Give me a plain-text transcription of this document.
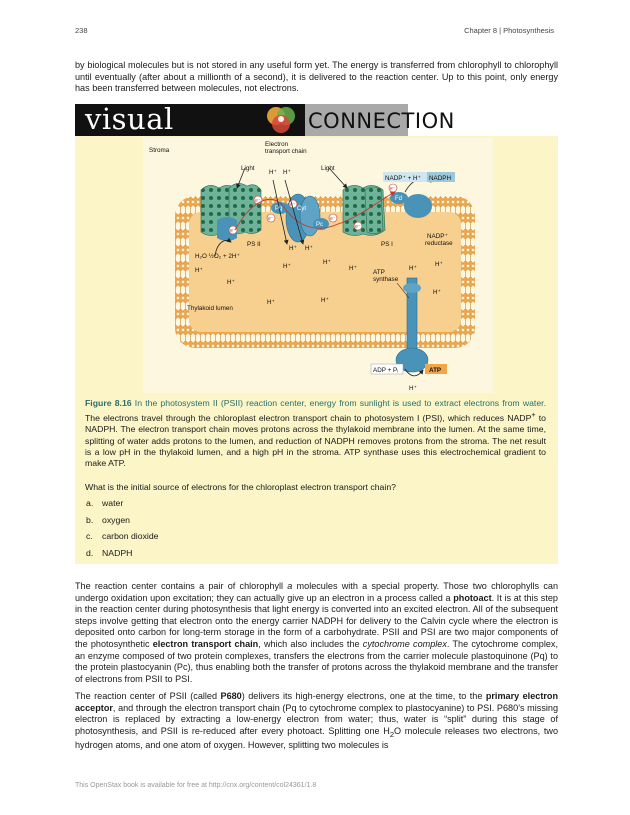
238	Chapter 8 | Photosynthesis

by biological molecules but is not stored in any useful form yet. The energy is transferred from chlorophyll to chlorophyll until eventually (after about a millionth of a second), it is delivered to the reaction center. Up to this point, only energy has been transferred between molecules, not electrons.

visual	CONNECTION
Fd
Pq Cyt
Pc
Stroma
Electron
transport chain
Light	Light
H⁺ H⁺
NADP⁺ + H⁺ NADPH
PS II	PS I
H⁺ H⁺
NADP⁺
reductase
H₂O ½O₂ + 2H⁺
H⁺
H⁺
H⁺
H⁺	H⁺
H⁺
H⁺
H⁺
H⁺	H⁺
ATP
synthase
Thylakoid lumen
ADP + Pᵢ	ATP
H⁺
e⁻
e⁻
e⁻	e⁻
e⁻
e⁻
e⁻

Figure 8.16 In the photosystem II (PSII) reaction center, energy from sunlight is used to extract electrons from water. The electrons travel through the chloroplast electron transport chain to photosystem I (PSI), which reduces NADP+ to NADPH. The electron transport chain moves protons across the thylakoid membrane into the lumen. At the same time, splitting of water adds protons to the lumen, and reduction of NADPH removes protons from the stroma. The net result is a low pH in the thylakoid lumen, and a high pH in the stroma. ATP synthase uses this electrochemical gradient to make ATP.

What is the initial source of electrons for the chloroplast electron transport chain?

a. water
b. oxygen
c. carbon dioxide
d. NADPH

The reaction center contains a pair of chlorophyll a molecules with a special property. Those two chlorophylls can undergo oxidation upon excitation; they can actually give up an electron in a process called a photoact. It is at this step in the reaction center during photosynthesis that light energy is converted into an excited electron. All of the subsequent steps involve getting that electron onto the energy carrier NADPH for delivery to the Calvin cycle where the electron is deposited onto carbon for long-term storage in the form of a carbohydrate. PSII and PSI are two major components of the photosynthetic electron transport chain, which also includes the cytochrome complex. The cytochrome complex, an enzyme composed of two protein complexes, transfers the electrons from the carrier molecule plastoquinone (Pq) to the protein plastocyanin (Pc), thus enabling both the transfer of protons across the thylakoid membrane and the transfer of electrons from PSII to PSI.

The reaction center of PSII (called P680) delivers its high-energy electrons, one at the time, to the primary electron acceptor, and through the electron transport chain (Pq to cytochrome complex to plastocyanine) to PSI. P680’s missing electron is replaced by extracting a low-energy electron from water; thus, water is “split” during this stage of photosynthesis, and PSII is re-reduced after every photoact. Splitting one $H_2O$ molecule releases two electrons, two hydrogen atoms, and one atom of oxygen. However, splitting two molecules is

This OpenStax book is available for free at http://cnx.org/content/col24361/1.8
